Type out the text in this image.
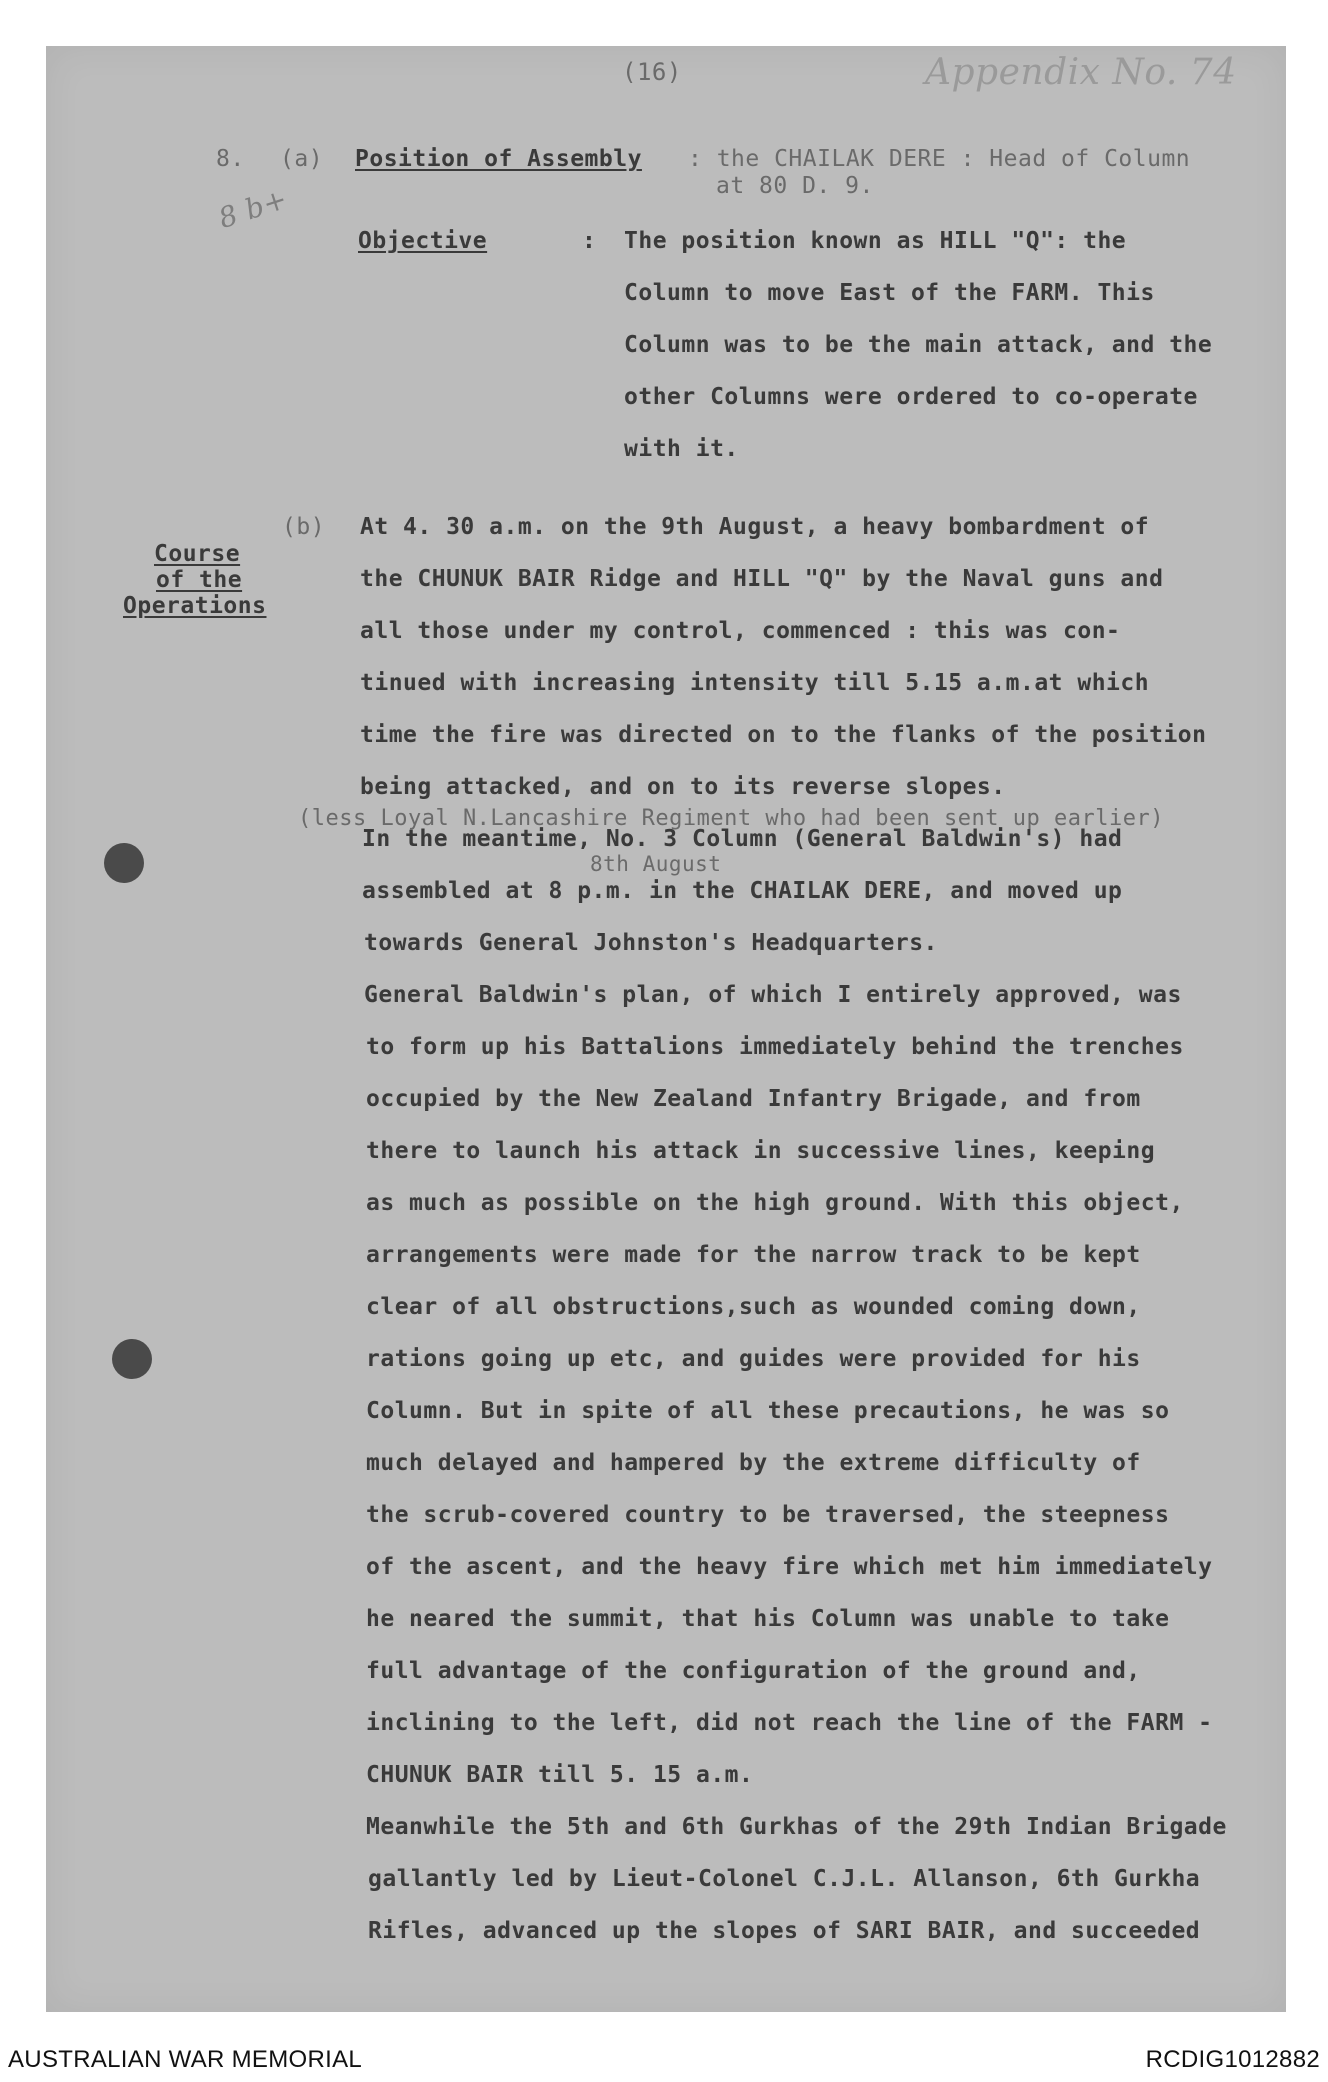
(16)	Appendix No. 74
8. (a) Position of Assembly : the CHAILAK DERE : Head of Column
at 80 D. 9.
8 b+
Objective	: The position known as HILL "Q": the
Column to move East of the FARM. This
Column was to be the main attack, and the
other Columns were ordered to co-operate
with it.
(b)
Course
of the
Operations
At 4. 30 a.m. on the 9th August, a heavy bombardment of
the CHUNUK BAIR Ridge and HILL "Q" by the Naval guns and
all those under my control, commenced : this was con-
tinued with increasing intensity till 5.15 a.m.at which
time the fire was directed on to the flanks of the position
being attacked, and on to its reverse slopes.
(less Loyal N.Lancashire Regiment who had been sent up earlier)
In the meantime, No. 3 Column (General Baldwin's) had
8th August
assembled at 8 p.m. in the CHAILAK DERE, and moved up
towards General Johnston's Headquarters.
General Baldwin's plan, of which I entirely approved, was
to form up his Battalions immediately behind the trenches
occupied by the New Zealand Infantry Brigade, and from
there to launch his attack in successive lines, keeping
as much as possible on the high ground. With this object,
arrangements were made for the narrow track to be kept
clear of all obstructions,such as wounded coming down,
rations going up etc, and guides were provided for his
Column. But in spite of all these precautions, he was so
much delayed and hampered by the extreme difficulty of
the scrub-covered country to be traversed, the steepness
of the ascent, and the heavy fire which met him immediately
he neared the summit, that his Column was unable to take
full advantage of the configuration of the ground and,
inclining to the left, did not reach the line of the FARM -
CHUNUK BAIR till 5. 15 a.m.
Meanwhile the 5th and 6th Gurkhas of the 29th Indian Brigade
gallantly led by Lieut-Colonel C.J.L. Allanson, 6th Gurkha
Rifles, advanced up the slopes of SARI BAIR, and succeeded
AUSTRALIAN WAR MEMORIAL	RCDIG1012882
